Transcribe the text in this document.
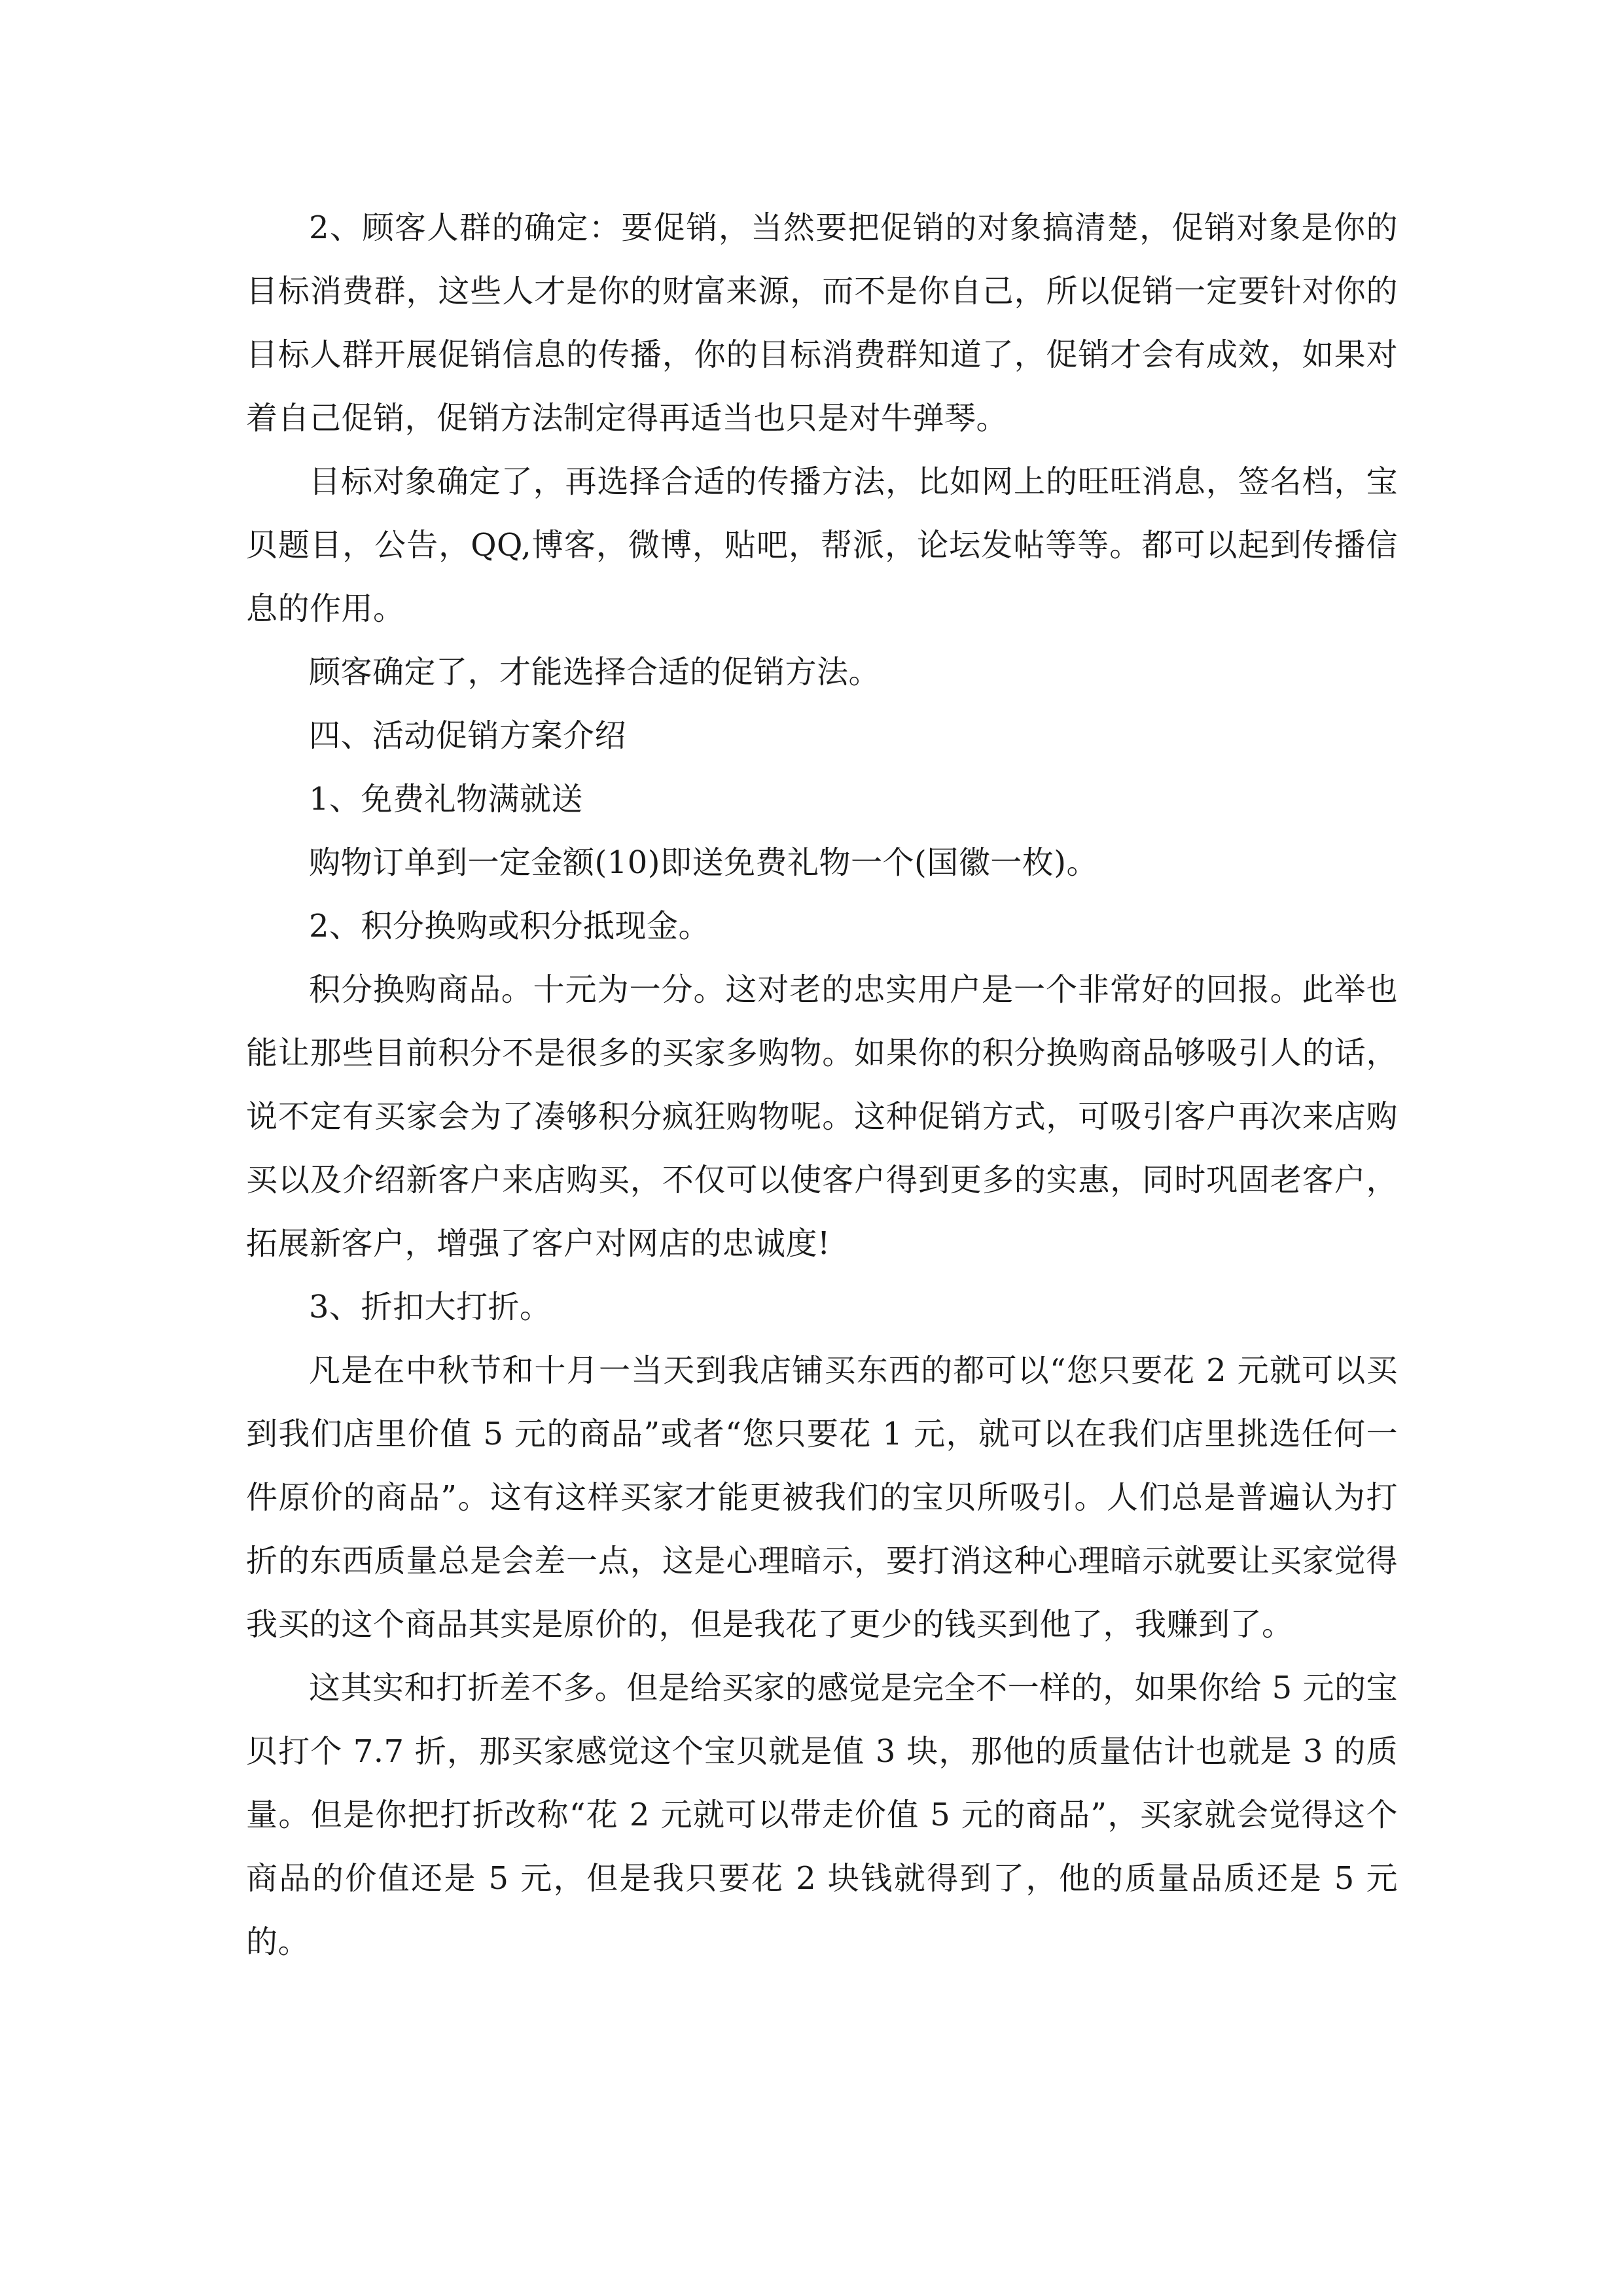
2、顾客人群的确定：要促销，当然要把促销的对象搞清楚，促销对象是你的目标消费群，这些人才是你的财富来源，而不是你自己，所以促销一定要针对你的目标人群开展促销信息的传播，你的目标消费群知道了，促销才会有成效，如果对着自己促销，促销方法制定得再适当也只是对牛弹琴。

目标对象确定了，再选择合适的传播方法，比如网上的旺旺消息，签名档，宝贝题目，公告，QQ,博客，微博，贴吧，帮派，论坛发帖等等。都可以起到传播信息的作用。

顾客确定了，才能选择合适的促销方法。

四、活动促销方案介绍

1、免费礼物满就送

购物订单到一定金额(10)即送免费礼物一个(国徽一枚)。

2、积分换购或积分抵现金。

积分换购商品。十元为一分。这对老的忠实用户是一个非常好的回报。此举也能让那些目前积分不是很多的买家多购物。如果你的积分换购商品够吸引人的话，说不定有买家会为了凑够积分疯狂购物呢。这种促销方式，可吸引客户再次来店购买以及介绍新客户来店购买，不仅可以使客户得到更多的实惠，同时巩固老客户，拓展新客户，增强了客户对网店的忠诚度!

3、折扣大打折。

凡是在中秋节和十月一当天到我店铺买东西的都可以“您只要花 2 元就可以买到我们店里价值 5 元的商品”或者“您只要花 1 元，就可以在我们店里挑选任何一件原价的商品”。这有这样买家才能更被我们的宝贝所吸引。人们总是普遍认为打折的东西质量总是会差一点，这是心理暗示，要打消这种心理暗示就要让买家觉得我买的这个商品其实是原价的，但是我花了更少的钱买到他了，我赚到了。

这其实和打折差不多。但是给买家的感觉是完全不一样的，如果你给 5 元的宝贝打个 7.7 折，那买家感觉这个宝贝就是值 3 块，那他的质量估计也就是 3 的质量。但是你把打折改称“花 2 元就可以带走价值 5 元的商品”，买家就会觉得这个商品的价值还是 5 元，但是我只要花 2 块钱就得到了，他的质量品质还是 5 元的。
